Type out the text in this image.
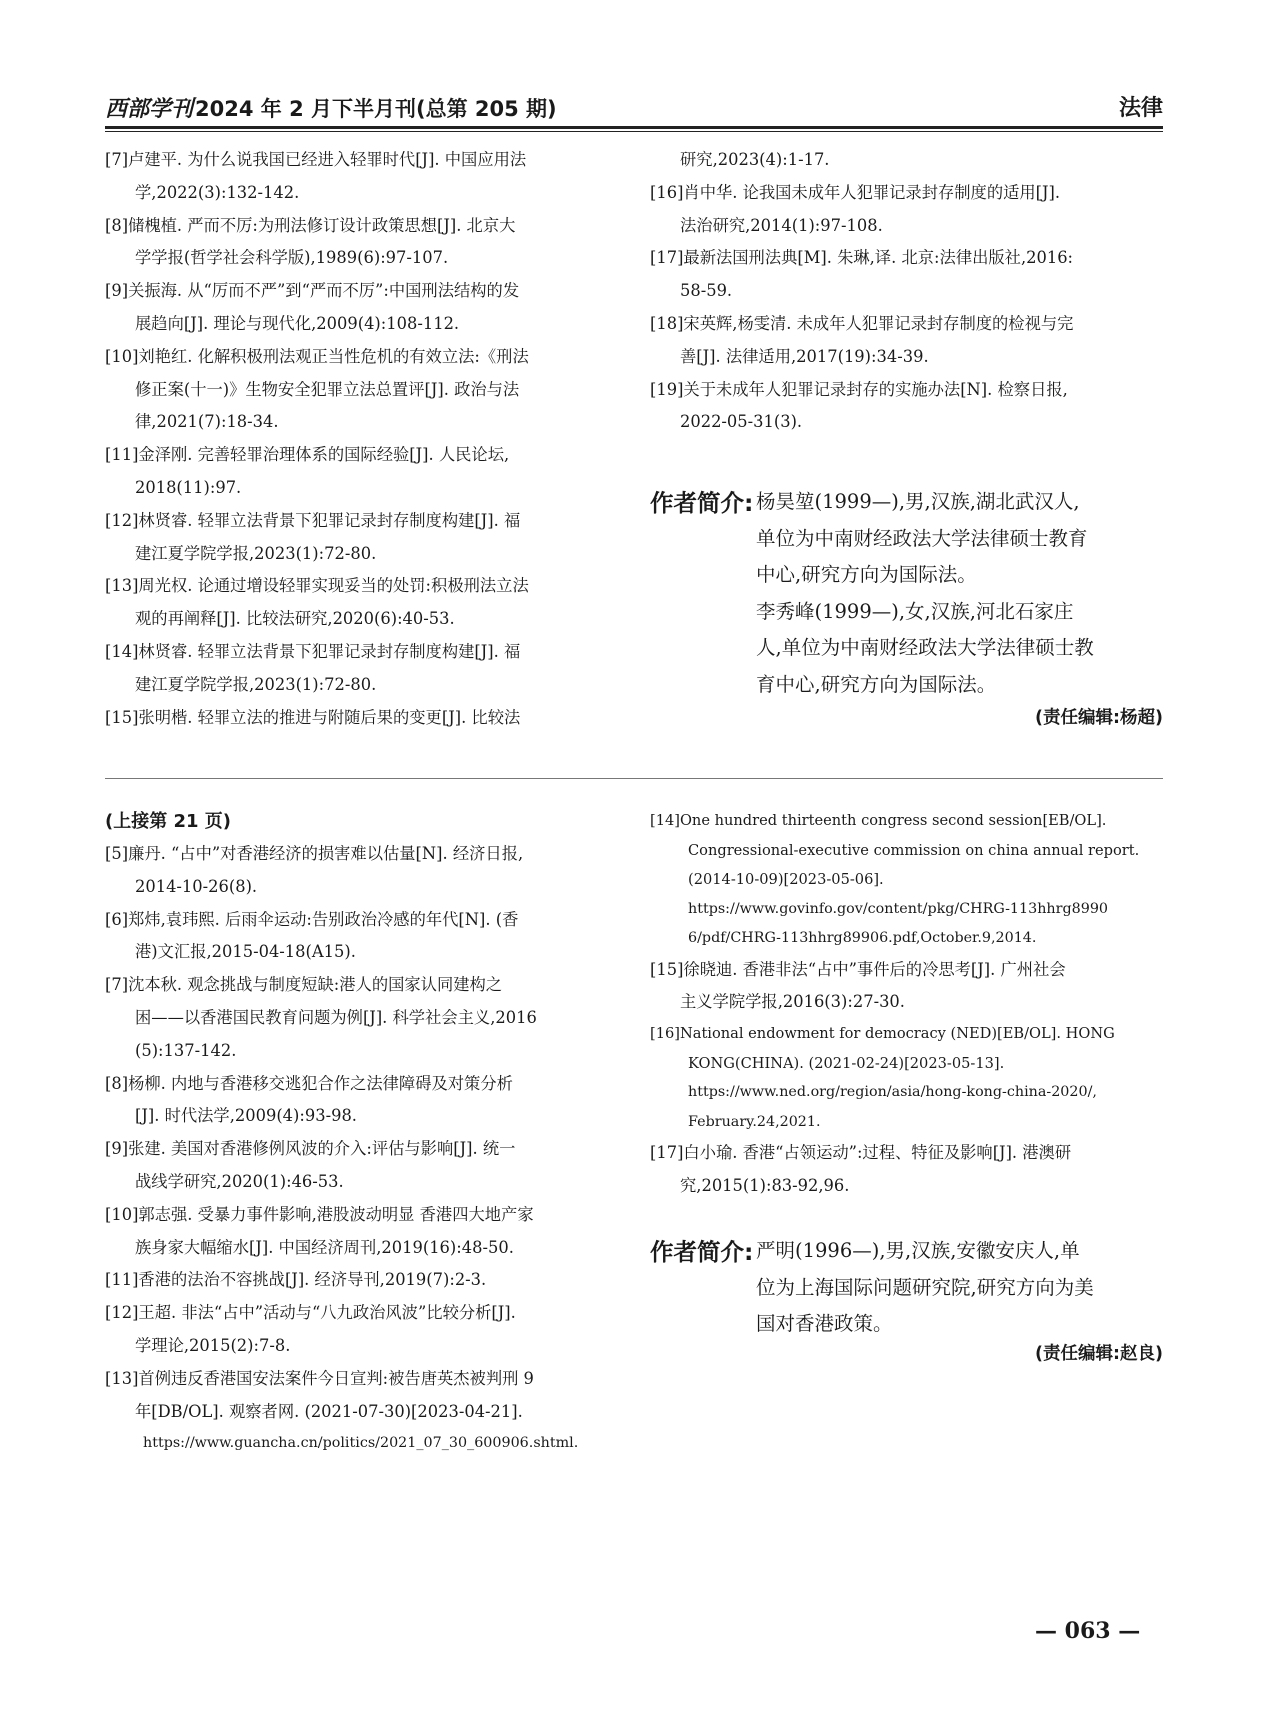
西部学刊2024 年 2 月下半月刊(总第 205 期)	法律
[7]卢建平. 为什么说我国已经进入轻罪时代[J]. 中国应用法
学,2022(3):132-142.
[8]储槐植. 严而不厉:为刑法修订设计政策思想[J]. 北京大
学学报(哲学社会科学版),1989(6):97-107.
[9]关振海. 从“厉而不严”到“严而不厉”:中国刑法结构的发
展趋向[J]. 理论与现代化,2009(4):108-112.
[10]刘艳红. 化解积极刑法观正当性危机的有效立法:《刑法
修正案(十一)》生物安全犯罪立法总置评[J]. 政治与法
律,2021(7):18-34.
[11]金泽刚. 完善轻罪治理体系的国际经验[J]. 人民论坛,
2018(11):97.
[12]林贤睿. 轻罪立法背景下犯罪记录封存制度构建[J]. 福
建江夏学院学报,2023(1):72-80.
[13]周光权. 论通过增设轻罪实现妥当的处罚:积极刑法立法
观的再阐释[J]. 比较法研究,2020(6):40-53.
[14]林贤睿. 轻罪立法背景下犯罪记录封存制度构建[J]. 福
建江夏学院学报,2023(1):72-80.
[15]张明楷. 轻罪立法的推进与附随后果的变更[J]. 比较法
研究,2023(4):1-17.
[16]肖中华. 论我国未成年人犯罪记录封存制度的适用[J].
法治研究,2014(1):97-108.
[17]最新法国刑法典[M]. 朱琳,译. 北京:法律出版社,2016:
58-59.
[18]宋英辉,杨雯清. 未成年人犯罪记录封存制度的检视与完
善[J]. 法律适用,2017(19):34-39.
[19]关于未成年人犯罪记录封存的实施办法[N]. 检察日报,
2022-05-31(3).
作者简介: 杨昊堃(1999—),男,汉族,湖北武汉人,
单位为中南财经政法大学法律硕士教育
中心,研究方向为国际法。
李秀峰(1999—),女,汉族,河北石家庄
人,单位为中南财经政法大学法律硕士教
育中心,研究方向为国际法。
(责任编辑:杨超)
(上接第 21 页)
[5]廉丹. “占中”对香港经济的损害难以估量[N]. 经济日报,
2014-10-26(8).
[6]郑炜,袁玮熙. 后雨伞运动:告别政治冷感的年代[N]. (香
港)文汇报,2015-04-18(A15).
[7]沈本秋. 观念挑战与制度短缺:港人的国家认同建构之
困——以香港国民教育问题为例[J]. 科学社会主义,2016
(5):137-142.
[8]杨柳. 内地与香港移交逃犯合作之法律障碍及对策分析
[J]. 时代法学,2009(4):93-98.
[9]张建. 美国对香港修例风波的介入:评估与影响[J]. 统一
战线学研究,2020(1):46-53.
[10]郭志强. 受暴力事件影响,港股波动明显 香港四大地产家
族身家大幅缩水[J]. 中国经济周刊,2019(16):48-50.
[11]香港的法治不容挑战[J]. 经济导刊,2019(7):2-3.
[12]王超. 非法“占中”活动与“八九政治风波”比较分析[J].
学理论,2015(2):7-8.
[13]首例违反香港国安法案件今日宣判:被告唐英杰被判刑 9
年[DB/OL]. 观察者网. (2021-07-30)[2023-04-21].
https://www.guancha.cn/politics/2021_07_30_600906.shtml.
[14]One hundred thirteenth congress second session[EB/OL].
Congressional-executive commission on china annual report.
(2014-10-09)[2023-05-06].
https://www.govinfo.gov/content/pkg/CHRG-113hhrg8990
6/pdf/CHRG-113hhrg89906.pdf,October.9,2014.
[15]徐晓迪. 香港非法“占中”事件后的冷思考[J]. 广州社会
主义学院学报,2016(3):27-30.
[16]National endowment for democracy (NED)[EB/OL]. HONG
KONG(CHINA). (2021-02-24)[2023-05-13].
https://www.ned.org/region/asia/hong-kong-china-2020/,
February.24,2021.
[17]白小瑜. 香港“占领运动”:过程、特征及影响[J]. 港澳研
究,2015(1):83-92,96.
作者简介: 严明(1996—),男,汉族,安徽安庆人,单
位为上海国际问题研究院,研究方向为美
国对香港政策。
(责任编辑:赵良)
— 063 —
